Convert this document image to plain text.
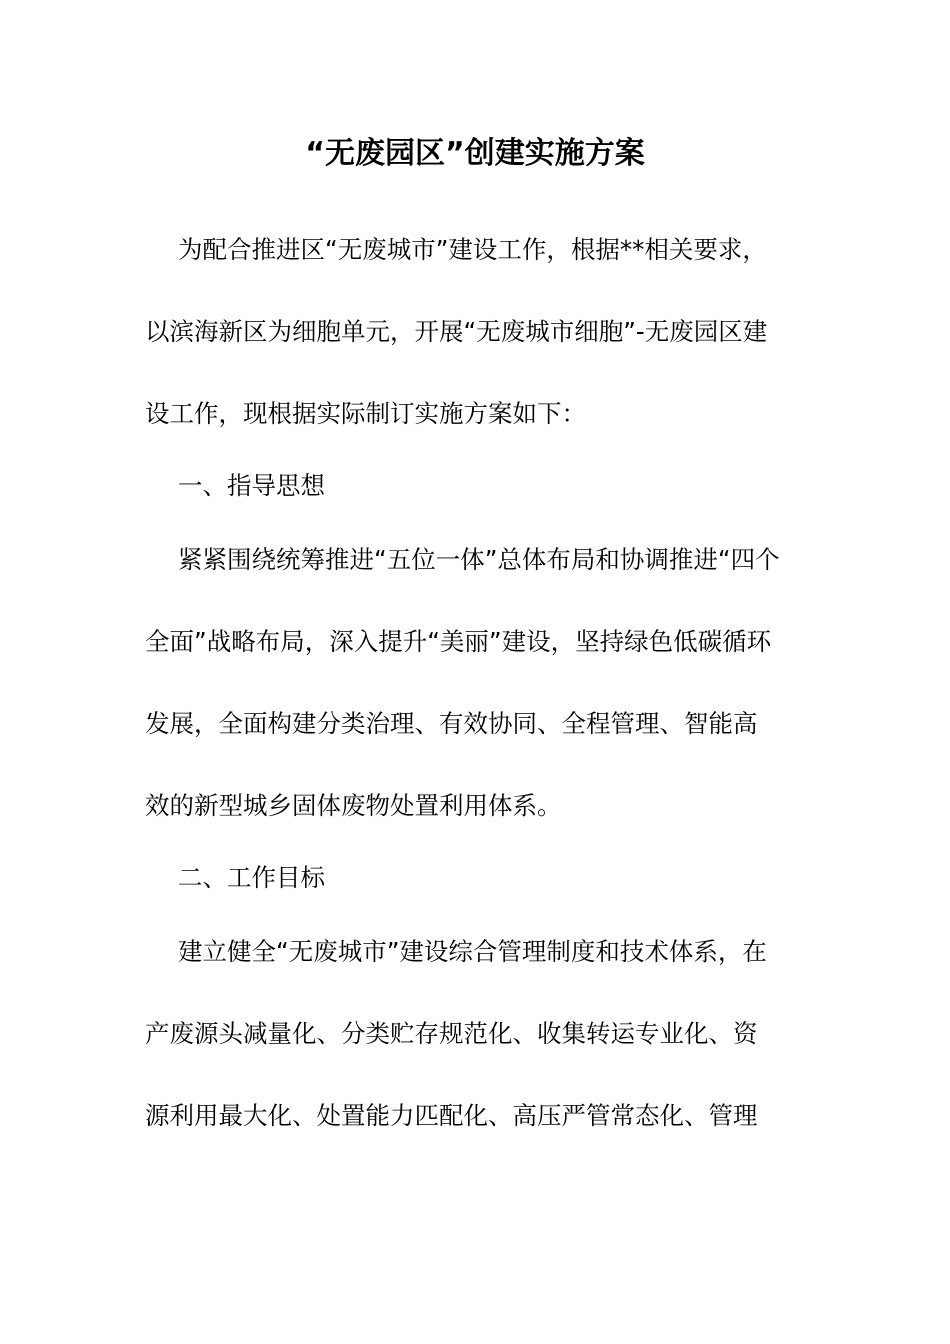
“无废园区”创建实施方案
为配合推进区“无废城市”建设工作，根据**相关要求，
以滨海新区为细胞单元，开展“无废城市细胞”-无废园区建
设工作，现根据实际制订实施方案如下：
一、指导思想
紧紧围绕统筹推进“五位一体”总体布局和协调推进“四个
全面”战略布局，深入提升“美丽”建设，坚持绿色低碳循环
发展，全面构建分类治理、有效协同、全程管理、智能高
效的新型城乡固体废物处置利用体系。
二、工作目标
建立健全“无废城市”建设综合管理制度和技术体系，在
产废源头减量化、分类贮存规范化、收集转运专业化、资
源利用最大化、处置能力匹配化、高压严管常态化、管理
